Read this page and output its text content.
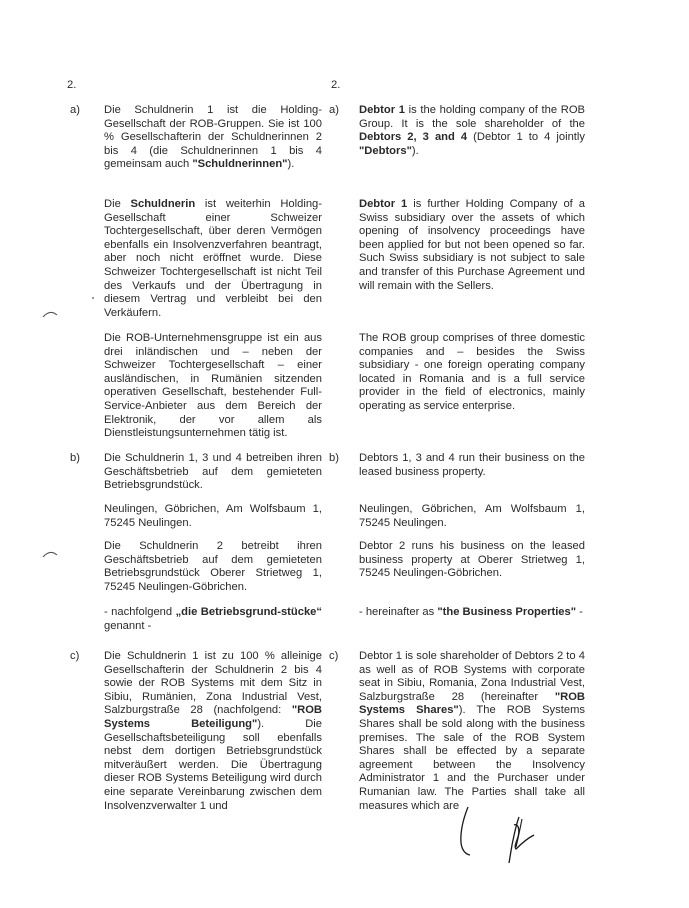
2.	2.
a) Die Schuldnerin 1 ist die Holding-Gesellschaft der ROB-Gruppen. Sie ist 100 % Gesellschafterin der Schuldnerinnen 2 bis 4 (die Schuldnerinnen 1 bis 4 gemeinsam auch "Schuldnerinnen").
Die Schuldnerin ist weiterhin Holding-Gesellschaft einer Schweizer Tochtergesellschaft, über deren Vermögen ebenfalls ein Insolvenzverfahren beantragt, aber noch nicht eröffnet wurde. Diese Schweizer Tochtergesellschaft ist nicht Teil des Verkaufs und der Übertragung in diesem Vertrag und verbleibt bei den Verkäufern.
Die ROB-Unternehmensgruppe ist ein aus drei inländischen und – neben der Schweizer Tochtergesellschaft – einer ausländischen, in Rumänien sitzenden operativen Gesellschaft, bestehender Full-Service-Anbieter aus dem Bereich der Elektronik, der vor allem als Dienstleistungsunternehmen tätig ist.
b) Die Schuldnerin 1, 3 und 4 betreiben ihren Geschäftsbetrieb auf dem gemieteten Betriebsgrundstück.
Neulingen, Göbrichen, Am Wolfsbaum 1, 75245 Neulingen.
Die Schuldnerin 2 betreibt ihren Geschäftsbetrieb auf dem gemieteten Betriebsgrundstück Oberer Strietweg 1, 75245 Neulingen-Göbrichen.
- nachfolgend „die Betriebsgrund-stücke“ genannt -
c) Die Schuldnerin 1 ist zu 100 % alleinige Gesellschafterin der Schuldnerin 2 bis 4 sowie der ROB Systems mit dem Sitz in Sibiu, Rumänien, Zona Industrial Vest, Salzburgstraße 28 (nachfolgend: "ROB Systems Beteiligung"). Die Gesellschaftsbeteiligung soll ebenfalls nebst dem dortigen Betriebsgrundstück mitveräußert werden. Die Übertragung dieser ROB Systems Beteiligung wird durch eine separate Vereinbarung zwischen dem Insolvenzverwalter 1 und
a) Debtor 1 is the holding company of the ROB Group. It is the sole shareholder of the Debtors 2, 3 and 4 (Debtor 1 to 4 jointly "Debtors").
Debtor 1 is further Holding Company of a Swiss subsidiary over the assets of which opening of insolvency proceedings have been applied for but not been opened so far. Such Swiss subsidiary is not subject to sale and transfer of this Purchase Agreement und will remain with the Sellers.
The ROB group comprises of three domestic companies and – besides the Swiss subsidiary - one foreign operating company located in Romania and is a full service provider in the field of electronics, mainly operating as service enterprise.
b) Debtors 1, 3 and 4 run their business on the leased business property.
Neulingen, Göbrichen, Am Wolfsbaum 1, 75245 Neulingen.
Debtor 2 runs his business on the leased business property at Oberer Strietweg 1, 75245 Neulingen-Göbrichen.
- hereinafter as "the Business Properties" -
c) Debtor 1 is sole shareholder of Debtors 2 to 4 as well as of ROB Systems with corporate seat in Sibiu, Romania, Zona Industrial Vest, Salzburgstraße 28 (hereinafter "ROB Systems Shares"). The ROB Systems Shares shall be sold along with the business premises. The sale of the ROB System Shares shall be effected by a separate agreement between the Insolvency Administrator 1 and the Purchaser under Rumanian law. The Parties shall take all measures which are
